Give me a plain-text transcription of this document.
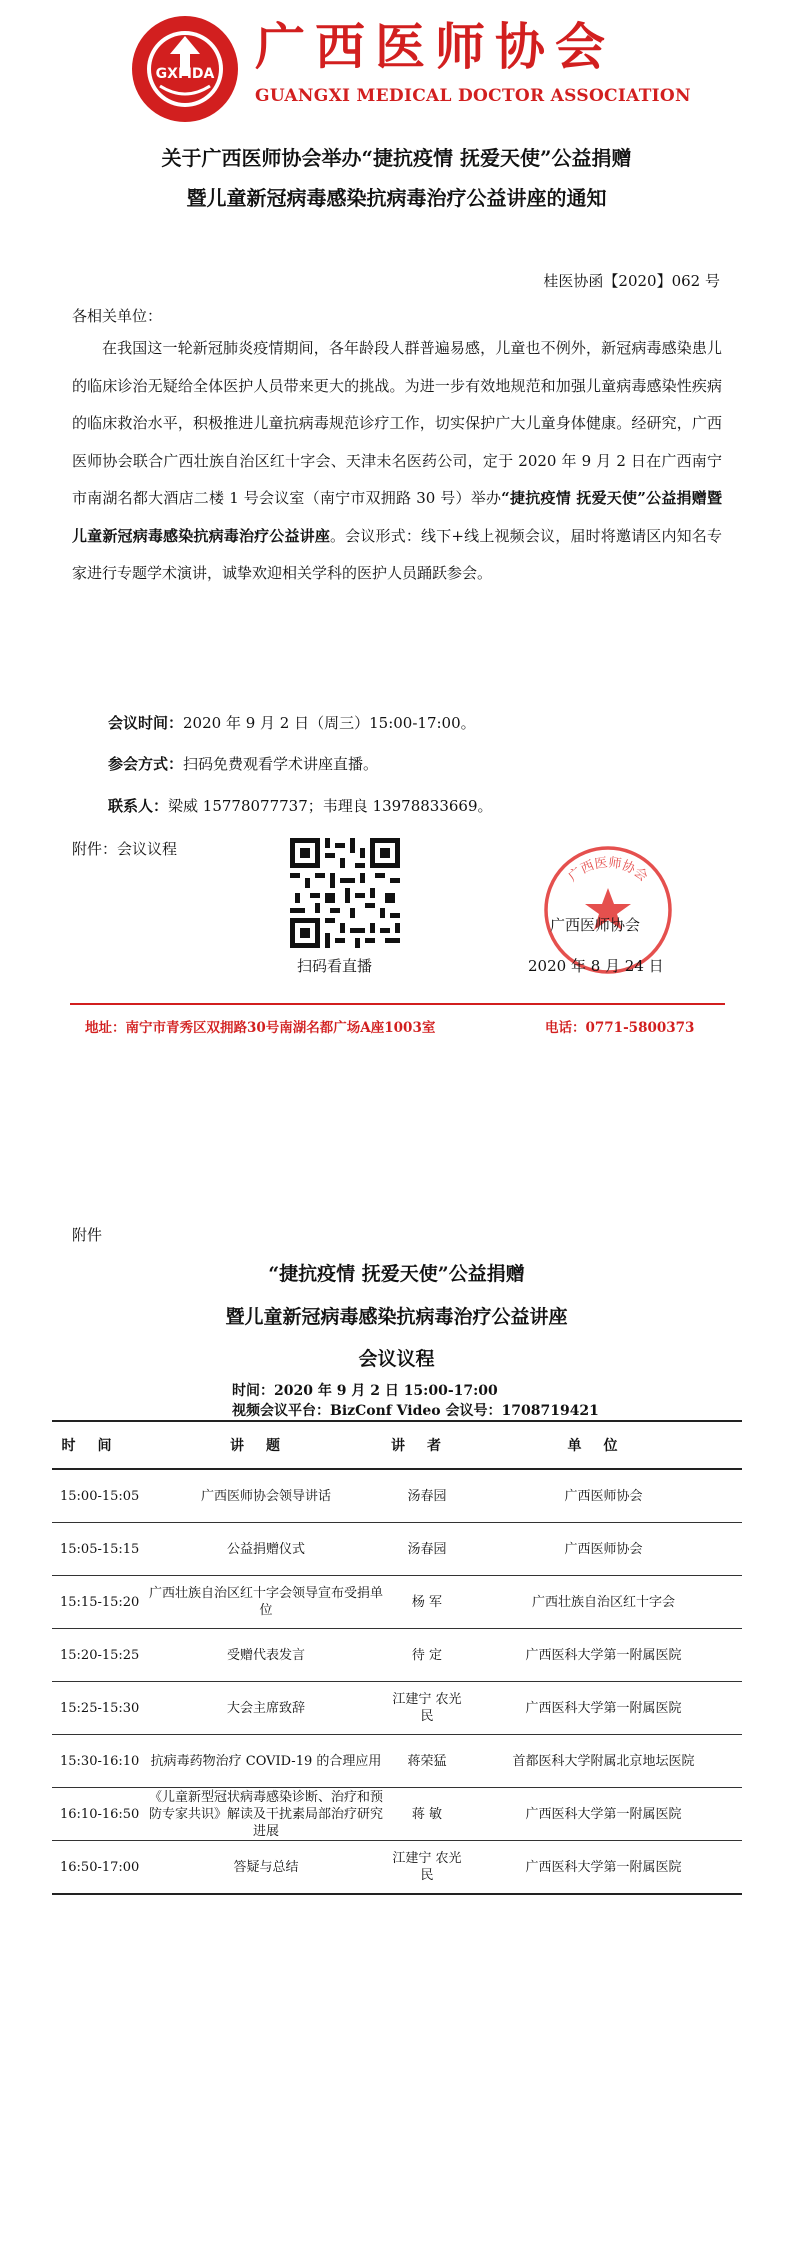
GXMDA 广西医师协会
GUANGXI MEDICAL DOCTOR ASSOCIATION
关于广西医师协会举办“捷抗疫情 抚爱天使”公益捐赠
暨儿童新冠病毒感染抗病毒治疗公益讲座的通知
桂医协函【2020】062 号
各相关单位：
在我国这一轮新冠肺炎疫情期间，各年龄段人群普遍易感，儿童也不例外，新冠病毒感染患儿的临床诊治无疑给全体医护人员带来更大的挑战。为进一步有效地规范和加强儿童病毒感染性疾病的临床救治水平，积极推进儿童抗病毒规范诊疗工作，切实保护广大儿童身体健康。经研究，广西医师协会联合广西壮族自治区红十字会、天津未名医药公司，定于 2020 年 9 月 2 日在广西南宁市南湖名都大酒店二楼 1 号会议室（南宁市双拥路 30 号）举办“捷抗疫情 抚爱天使”公益捐赠暨儿童新冠病毒感染抗病毒治疗公益讲座。会议形式：线下+线上视频会议，届时将邀请区内知名专家进行专题学术演讲，诚挚欢迎相关学科的医护人员踊跃参会。
会议时间：2020 年 9 月 2 日（周三）15:00-17:00。
参会方式：扫码免费观看学术讲座直播。
联系人：梁威 15778077737；韦理良 13978833669。
附件：会议议程
扫码看直播
广西医师协会
广西医师协会
2020 年 8 月 24 日
地址：南宁市青秀区双拥路30号南湖名都广场A座1003室	电话：0771-5800373
附件
“捷抗疫情 抚爱天使”公益捐赠
暨儿童新冠病毒感染抗病毒治疗公益讲座
会议议程
时间：2020 年 9 月 2 日 15:00-17:00
视频会议平台：BizConf Video 会议号：1708719421
时间	讲题	讲者	单位
15:00-15:05	广西医师协会领导讲话	汤春园	广西医师协会
15:05-15:15	公益捐赠仪式	汤春园	广西医师协会
15:15-15:20	广西壮族自治区红十字会领导宣布受捐单位	杨 军	广西壮族自治区红十字会
15:20-15:25	受赠代表发言	待 定	广西医科大学第一附属医院
15:25-15:30	大会主席致辞	江建宁 农光民	广西医科大学第一附属医院
15:30-16:10	抗病毒药物治疗 COVID-19 的合理应用	蒋荣猛	首都医科大学附属北京地坛医院
16:10-16:50	《儿童新型冠状病毒感染诊断、治疗和预防专家共识》解读及干扰素局部治疗研究进展	蒋 敏	广西医科大学第一附属医院
16:50-17:00	答疑与总结	江建宁 农光民	广西医科大学第一附属医院
